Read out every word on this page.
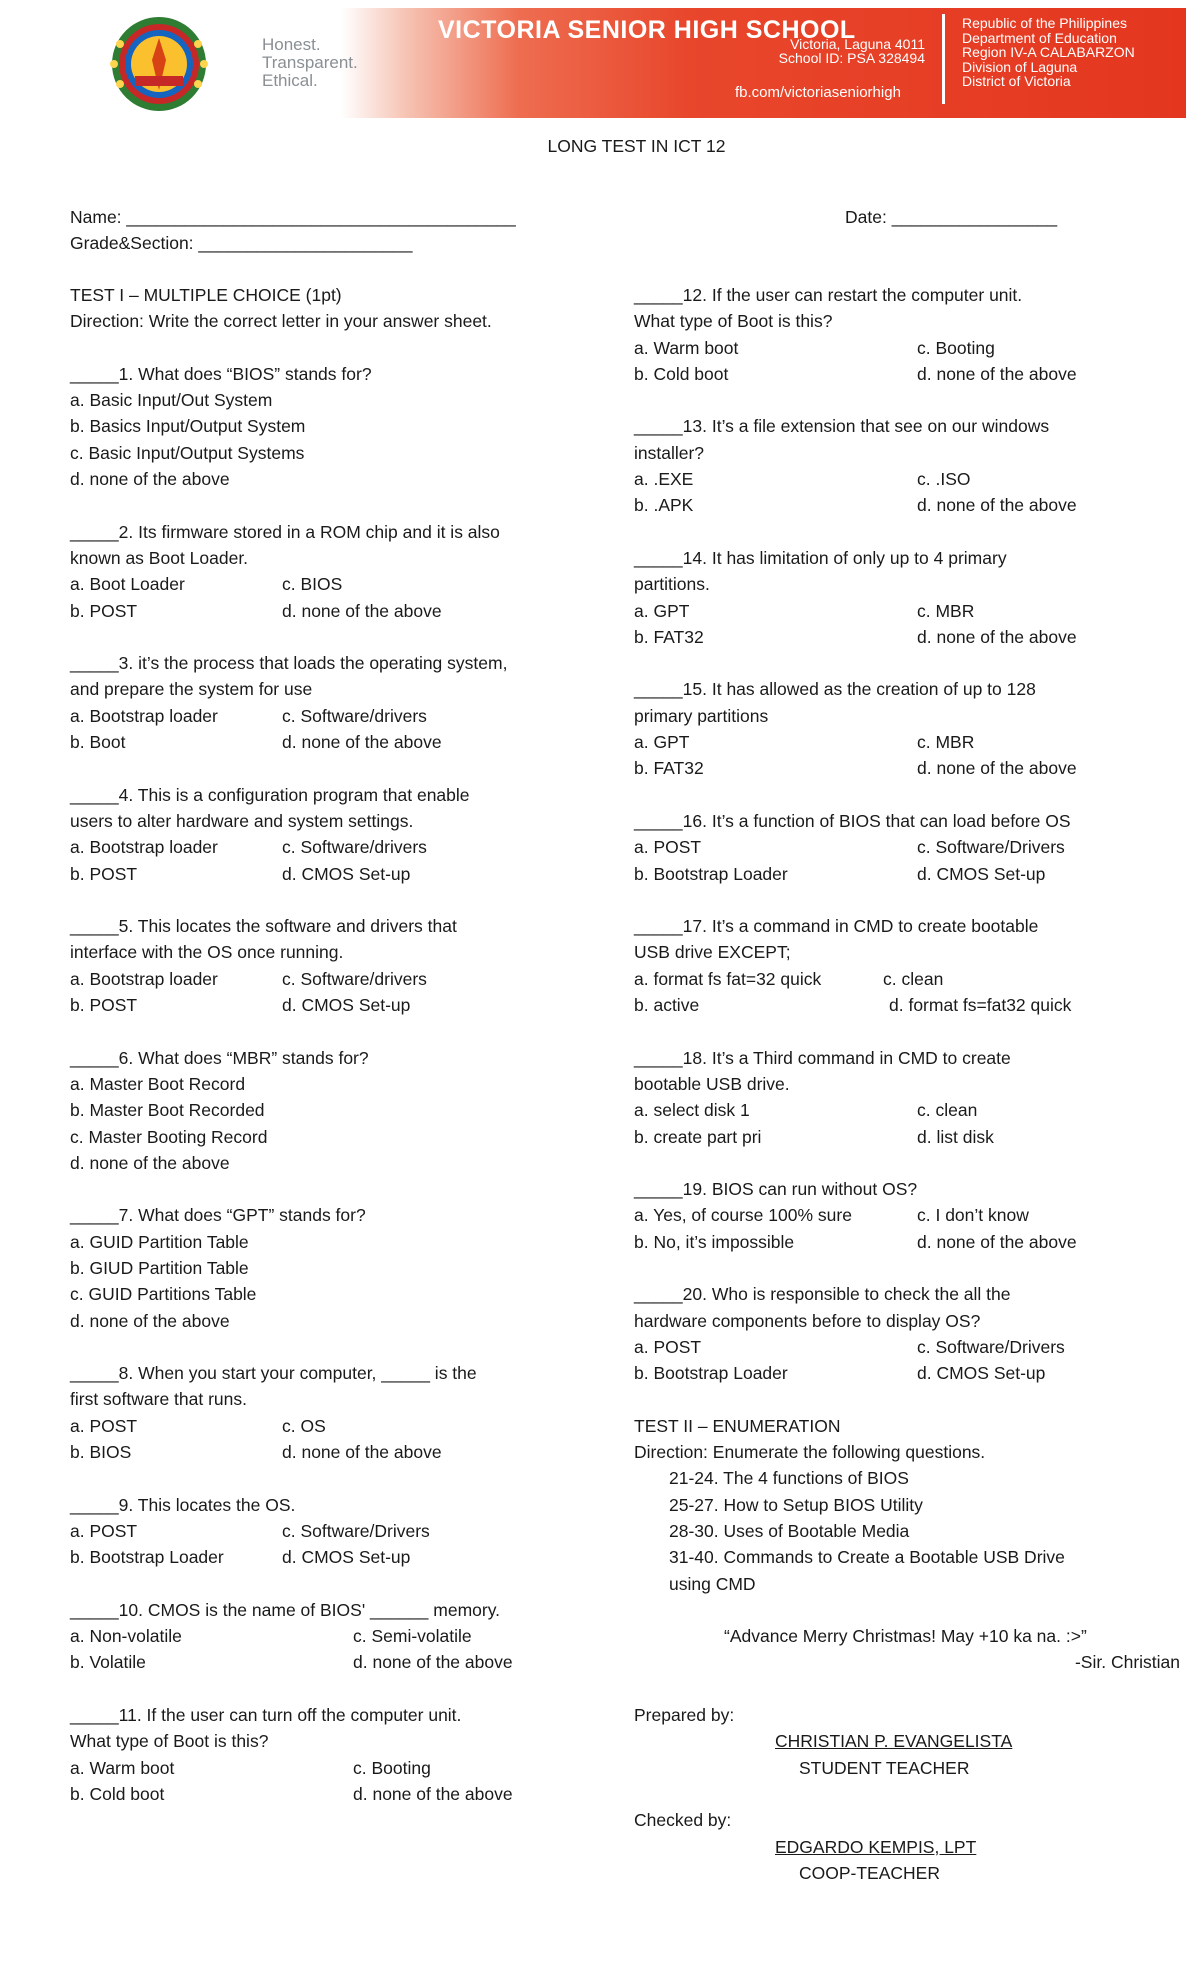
Honest.
Transparent.
Ethical.
VICTORIA SENIOR HIGH SCHOOL
Victoria, Laguna 4011
School ID: PSA 328494
fb.com/victoriaseniorhigh
Republic of the Philippines
Department of Education
Region IV-A CALABARZON
Division of Laguna
District of Victoria
LONG TEST IN ICT 12
Name: ________________________________________	Date: _________________
Grade&Section: ______________________
TEST I – MULTIPLE CHOICE (1pt)
Direction: Write the correct letter in your answer sheet.
_____1. What does “BIOS” stands for?
a. Basic Input/Out System
b. Basics Input/Output System
c. Basic Input/Output Systems
d. none of the above
_____2. Its firmware stored in a ROM chip and it is also
known as Boot Loader.
a. Boot Loader	c. BIOS
b. POST	d. none of the above
_____3. it’s the process that loads the operating system,
and prepare the system for use
a. Bootstrap loader	c. Software/drivers
b. Boot	d. none of the above
_____4. This is a configuration program that enable
users to alter hardware and system settings.
a. Bootstrap loader	c. Software/drivers
b. POST	d. CMOS Set-up
_____5. This locates the software and drivers that
interface with the OS once running.
a. Bootstrap loader	c. Software/drivers
b. POST	d. CMOS Set-up
_____6. What does “MBR” stands for?
a. Master Boot Record
b. Master Boot Recorded
c. Master Booting Record
d. none of the above
_____7. What does “GPT” stands for?
a. GUID Partition Table
b. GIUD Partition Table
c. GUID Partitions Table
d. none of the above
_____8. When you start your computer, _____ is the
first software that runs.
a. POST	c. OS
b. BIOS	d. none of the above
_____9. This locates the OS.
a. POST	c. Software/Drivers
b. Bootstrap Loader	d. CMOS Set-up
_____10. CMOS is the name of BIOS' ______ memory.
a. Non-volatile	c. Semi-volatile
b. Volatile	d. none of the above
_____11. If the user can turn off the computer unit.
What type of Boot is this?
a. Warm boot	c. Booting
b. Cold boot	d. none of the above
_____12. If the user can restart the computer unit.
What type of Boot is this?
a. Warm boot	c. Booting
b. Cold boot	d. none of the above
_____13. It’s a file extension that see on our windows
installer?
a. .EXE	c. .ISO
b. .APK	d. none of the above
_____14. It has limitation of only up to 4 primary
partitions.
a. GPT	c. MBR
b. FAT32	d. none of the above
_____15. It has allowed as the creation of up to 128
primary partitions
a. GPT	c. MBR
b. FAT32	d. none of the above
_____16. It’s a function of BIOS that can load before OS
a. POST	c. Software/Drivers
b. Bootstrap Loader	d. CMOS Set-up
_____17. It’s a command in CMD to create bootable
USB drive EXCEPT;
a. format fs fat=32 quick	c. clean
b. active	d. format fs=fat32 quick
_____18. It’s a Third command in CMD to create
bootable USB drive.
a. select disk 1	c. clean
b. create part pri	d. list disk
_____19. BIOS can run without OS?
a. Yes, of course 100% sure	c. I don’t know
b. No, it’s impossible	d. none of the above
_____20. Who is responsible to check the all the
hardware components before to display OS?
a. POST	c. Software/Drivers
b. Bootstrap Loader	d. CMOS Set-up
TEST II – ENUMERATION
Direction: Enumerate the following questions.
21-24. The 4 functions of BIOS
25-27. How to Setup BIOS Utility
28-30. Uses of Bootable Media
31-40. Commands to Create a Bootable USB Drive
using CMD
“Advance Merry Christmas! May +10 ka na. :>”
-Sir. Christian
Prepared by:
CHRISTIAN P. EVANGELISTA
STUDENT TEACHER
Checked by:
EDGARDO KEMPIS, LPT
COOP-TEACHER
